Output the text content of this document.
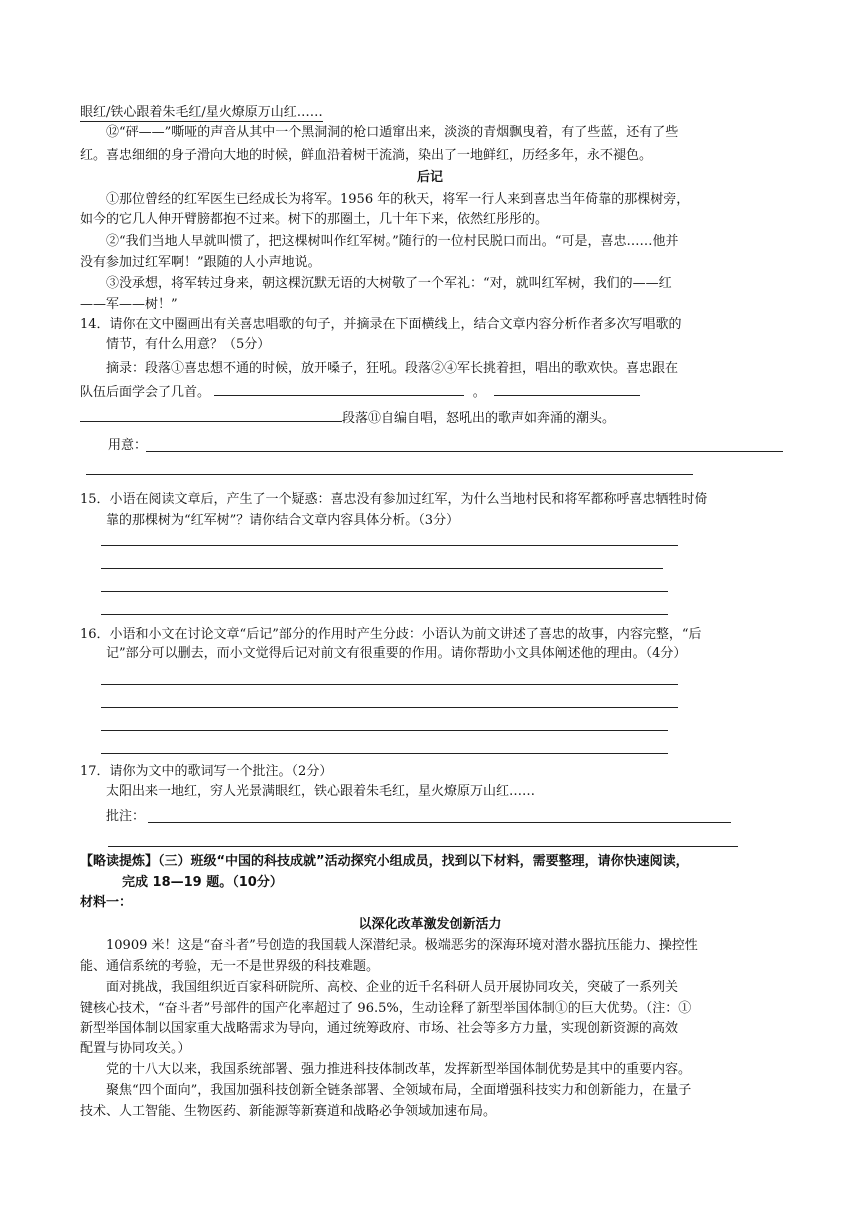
眼红/铁心跟着朱毛红/星火燎原万山红……
⑫“砰——”嘶哑的声音从其中一个黑洞洞的枪口遁窜出来，淡淡的青烟飘曳着，有了些蓝，还有了些
红。喜忠细细的身子滑向大地的时候，鲜血沿着树干流淌，染出了一地鲜红，历经多年，永不褪色。
后记
①那位曾经的红军医生已经成长为将军。1956 年的秋天，将军一行人来到喜忠当年倚靠的那棵树旁，
如今的它几人伸开臂膀都抱不过来。树下的那圈土，几十年下来，依然红彤彤的。
②“我们当地人早就叫惯了，把这棵树叫作红军树。”随行的一位村民脱口而出。“可是，喜忠……他并
没有参加过红军啊！”跟随的人小声地说。
③没承想，将军转过身来，朝这棵沉默无语的大树敬了一个军礼：“对，就叫红军树，我们的——红
——军——树！”
14．请你在文中圈画出有关喜忠唱歌的句子，并摘录在下面横线上，结合文章内容分析作者多次写唱歌的
情节，有什么用意？（5分）
摘录：段落①喜忠想不通的时候，放开嗓子，狂吼。段落②④军长挑着担，唱出的歌欢快。喜忠跟在
队伍后面学会了几首。	。
段落⑪自编自唱，怒吼出的歌声如奔涌的潮头。
用意：
15．小语在阅读文章后，产生了一个疑惑：喜忠没有参加过红军，为什么当地村民和将军都称呼喜忠牺牲时倚
靠的那棵树为“红军树”？请你结合文章内容具体分析。（3分）
16．小语和小文在讨论文章“后记”部分的作用时产生分歧：小语认为前文讲述了喜忠的故事，内容完整，“后
记”部分可以删去，而小文觉得后记对前文有很重要的作用。请你帮助小文具体阐述他的理由。（4分）
17．请你为文中的歌词写一个批注。（2分）
太阳出来一地红，穷人光景满眼红，铁心跟着朱毛红，星火燎原万山红……
批注：
【略读提炼】（三）班级“中国的科技成就”活动探究小组成员，找到以下材料，需要整理，请你快速阅读，
完成 18—19 题。（10分）
材料一：
以深化改革激发创新活力
10909 米！这是“奋斗者”号创造的我国载人深潜纪录。极端恶劣的深海环境对潜水器抗压能力、操控性
能、通信系统的考验，无一不是世界级的科技难题。
面对挑战，我国组织近百家科研院所、高校、企业的近千名科研人员开展协同攻关，突破了一系列关
键核心技术，“奋斗者”号部件的国产化率超过了 96.5%，生动诠释了新型举国体制①的巨大优势。（注：①
新型举国体制以国家重大战略需求为导向，通过统筹政府、市场、社会等多方力量，实现创新资源的高效
配置与协同攻关。）
党的十八大以来，我国系统部署、强力推进科技体制改革，发挥新型举国体制优势是其中的重要内容。
聚焦“四个面向”，我国加强科技创新全链条部署、全领域布局，全面增强科技实力和创新能力，在量子
技术、人工智能、生物医药、新能源等新赛道和战略必争领域加速布局。
